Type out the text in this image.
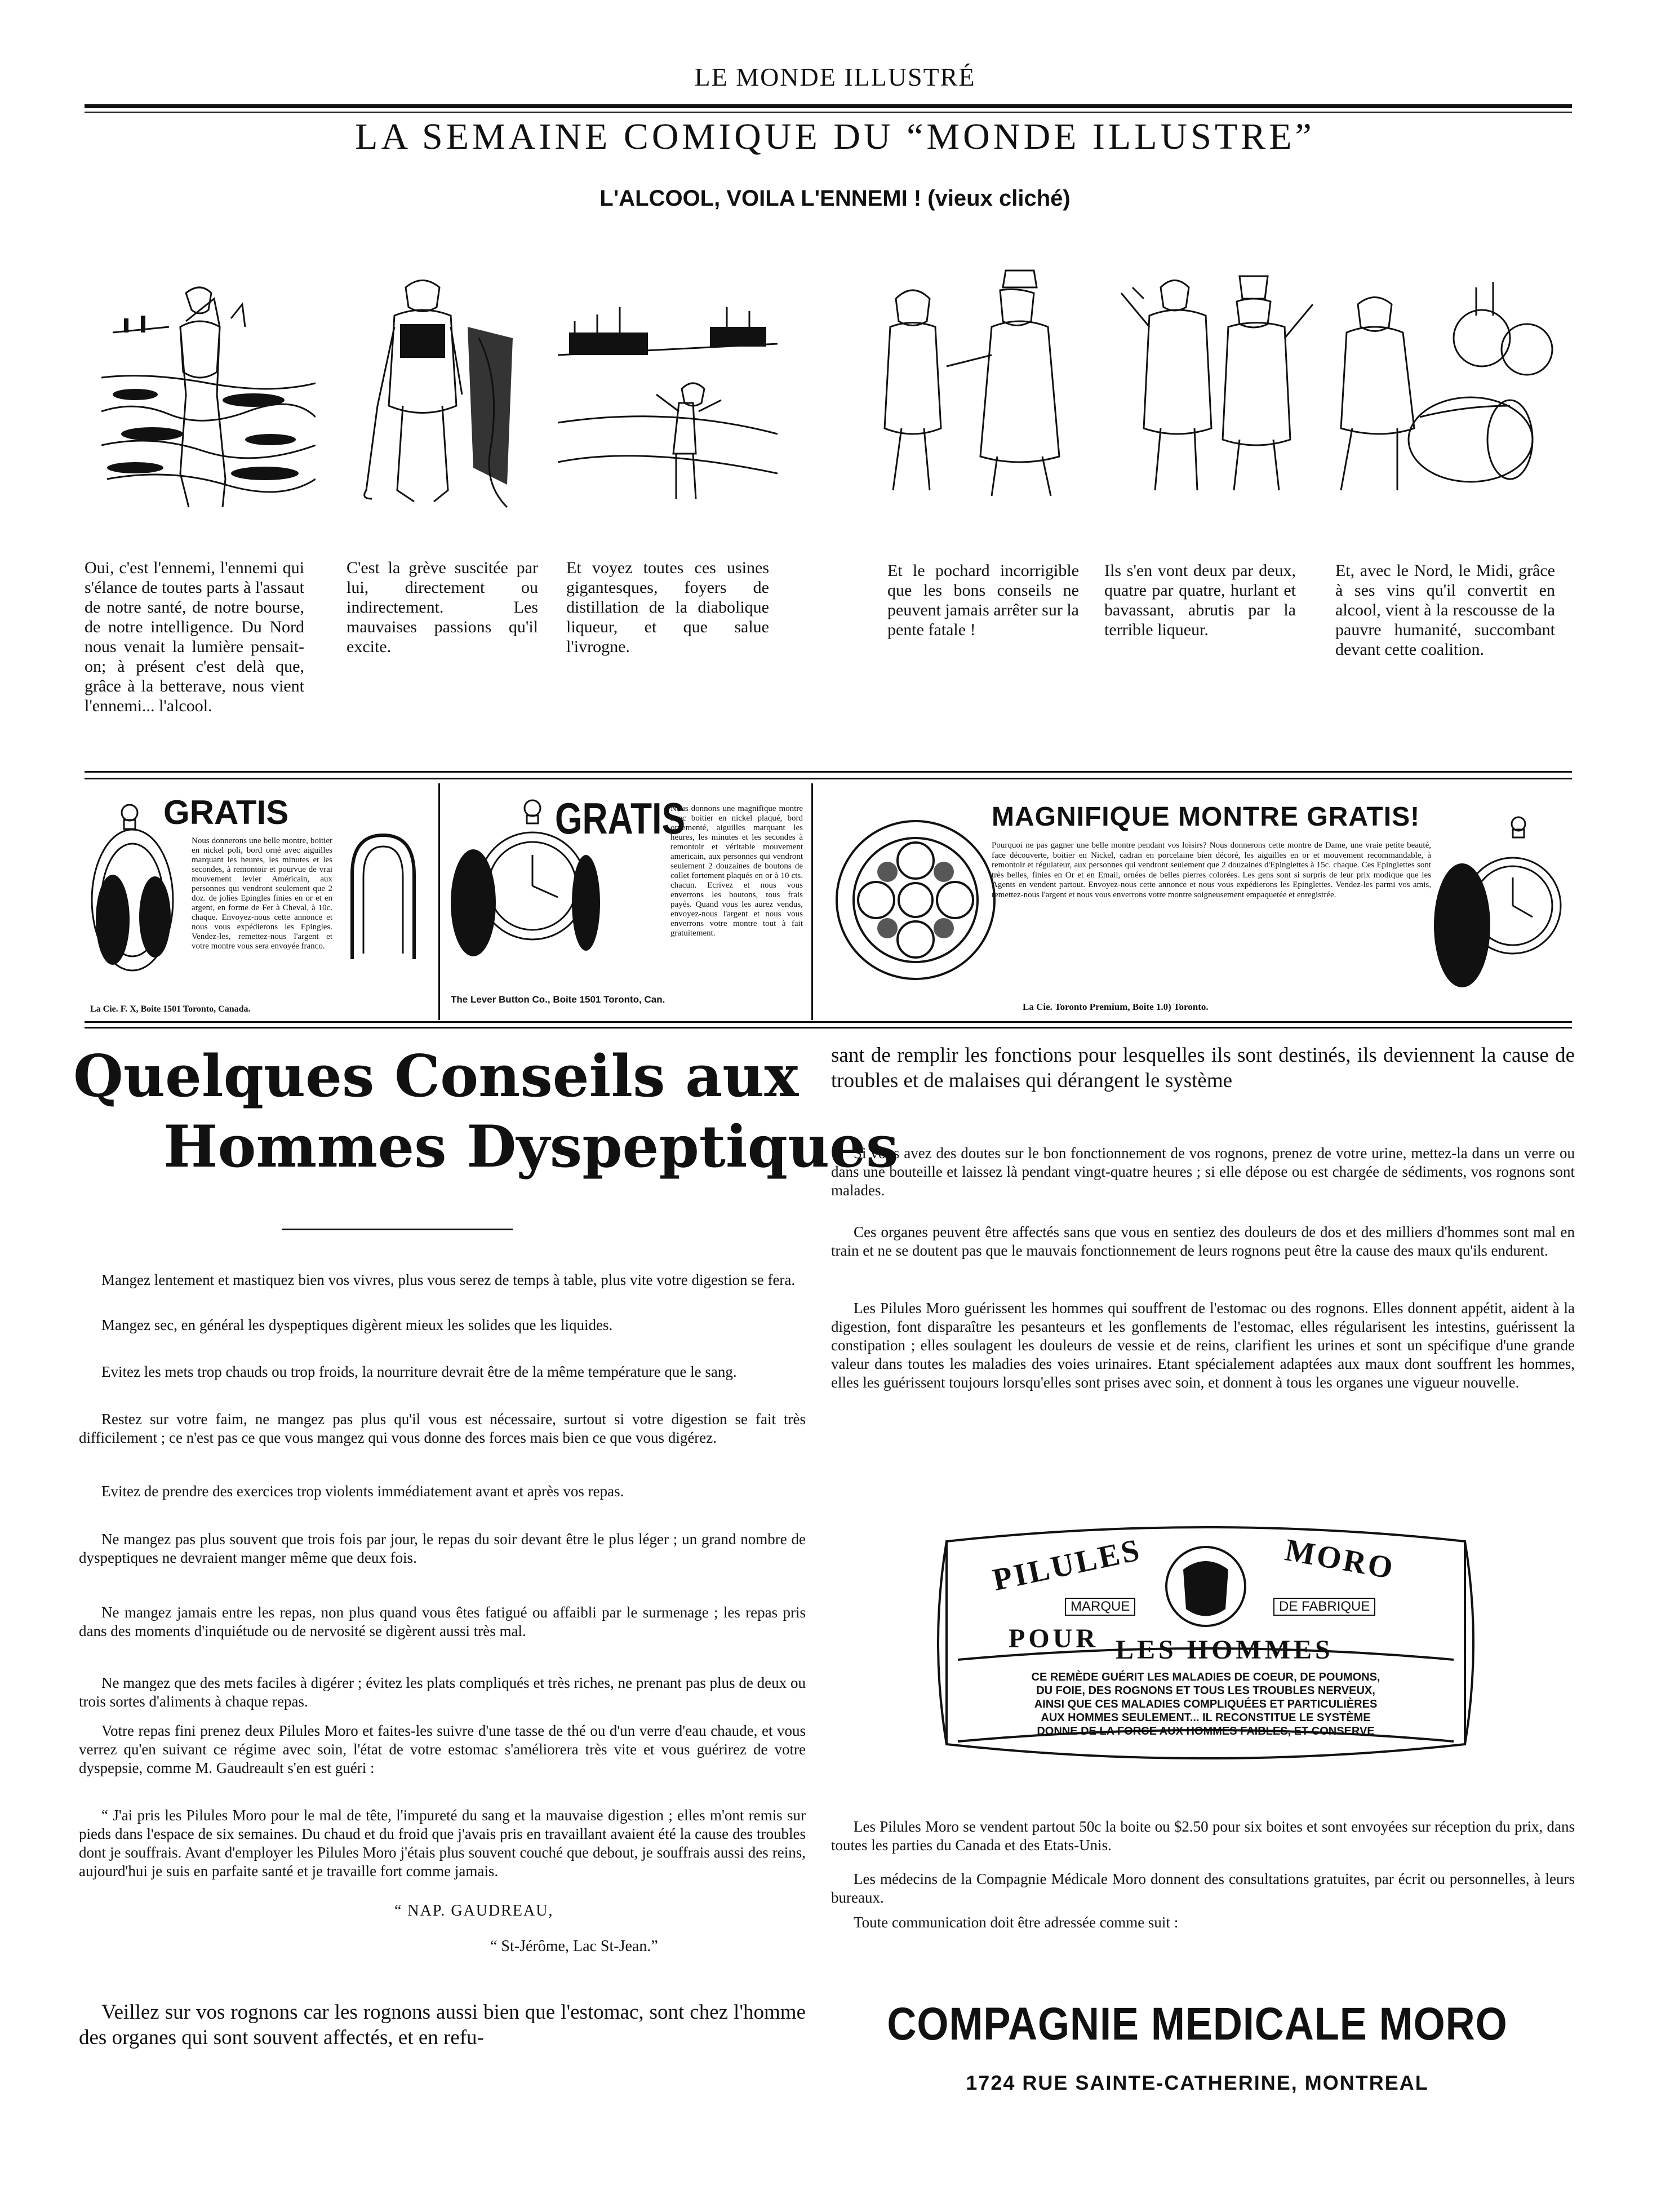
LE MONDE ILLUSTRÉ
LA SEMAINE COMIQUE DU “MONDE ILLUSTRE”
L'ALCOOL, VOILA L'ENNEMI ! (vieux cliché)
Oui, c'est l'ennemi, l'ennemi qui s'élance de toutes parts à l'assaut de notre santé, de notre bourse, de notre intelligence. Du Nord nous venait la lumière pensait-on; à présent c'est delà que, grâce à la betterave, nous vient l'ennemi... l'alcool.
C'est la grève suscitée par lui, directement ou indirectement. Les mauvaises passions qu'il excite.
Et voyez toutes ces usines gigantesques, foyers de distillation de la diabolique liqueur, et que salue l'ivrogne.
Et le pochard incorrigible que les bons conseils ne peuvent jamais arrêter sur la pente fatale !
Ils s'en vont deux par deux, quatre par quatre, hurlant et bavassant, abrutis par la terrible liqueur.
Et, avec le Nord, le Midi, grâce à ses vins qu'il convertit en alcool, vient à la rescousse de la pauvre humanité, succombant devant cette coalition.
GRATIS
Nous donnerons une belle montre, boitier en nickel poli, bord orné avec aiguilles marquant les heures, les minutes et les secondes, à remontoir et pourvue de vrai mouvement levier Américain, aux personnes qui vendront seulement que 2 doz. de jolies Epingles finies en or et en argent, en forme de Fer à Cheval, à 10c. chaque. Envoyez-nous cette annonce et nous vous expédierons les Epingles. Vendez-les, remettez-nous l'argent et votre montre vous sera envoyée franco.
La Cie. F. X, Boite 1501 Toronto, Canada.
GRATIS
Nous donnons une magnifique montre avec boitier en nickel plaqué, bord ornementé, aiguilles marquant les heures, les minutes et les secondes à remontoir et véritable mouvement americain, aux personnes qui vendront seulement 2 douzaines de boutons de collet fortement plaqués en or à 10 cts. chacun. Ecrivez et nous vous enverrons les boutons, tous frais payés. Quand vous les aurez vendus, envoyez-nous l'argent et nous vous enverrons votre montre tout à fait gratuitement.
The Lever Button Co., Boite 1501 Toronto, Can.
MAGNIFIQUE MONTRE GRATIS!
Pourquoi ne pas gagner une belle montre pendant vos loisirs? Nous donnerons cette montre de Dame, une vraie petite beauté, face découverte, boitier en Nickel, cadran en porcelaine bien décoré, les aiguilles en or et mouvement recommandable, à remontoir et régulateur, aux personnes qui vendront seulement que 2 douzaines d'Epinglettes à 15c. chaque. Ces Epinglettes sont très belles, finies en Or et en Email, ornées de belles pierres colorées. Les gens sont si surpris de leur prix modique que les Agents en vendent partout. Envoyez-nous cette annonce et nous vous expédierons les Epinglettes. Vendez-les parmi vos amis, remettez-nous l'argent et nous vous enverrons votre montre soigneusement empaquetée et enregistrée.
La Cie. Toronto Premium, Boite 1.0) Toronto.
Quelques Conseils aux
Hommes Dyspeptiques
Mangez lentement et mastiquez bien vos vivres, plus vous serez de temps à table, plus vite votre digestion se fera.
Mangez sec, en général les dyspeptiques digèrent mieux les solides que les liquides.
Evitez les mets trop chauds ou trop froids, la nourriture devrait être de la même température que le sang.
Restez sur votre faim, ne mangez pas plus qu'il vous est nécessaire, surtout si votre digestion se fait très difficilement ; ce n'est pas ce que vous mangez qui vous donne des forces mais bien ce que vous digérez.
Evitez de prendre des exercices trop violents immédiatement avant et après vos repas.
Ne mangez pas plus souvent que trois fois par jour, le repas du soir devant être le plus léger ; un grand nombre de dyspeptiques ne devraient manger même que deux fois.
Ne mangez jamais entre les repas, non plus quand vous êtes fatigué ou affaibli par le surmenage ; les repas pris dans des moments d'inquiétude ou de nervosité se digèrent aussi très mal.
Ne mangez que des mets faciles à digérer ; évitez les plats compliqués et très riches, ne prenant pas plus de deux ou trois sortes d'aliments à chaque repas.
Votre repas fini prenez deux Pilules Moro et faites-les suivre d'une tasse de thé ou d'un verre d'eau chaude, et vous verrez qu'en suivant ce régime avec soin, l'état de votre estomac s'améliorera très vite et vous guérirez de votre dyspepsie, comme M. Gaudreault s'en est guéri :
“ J'ai pris les Pilules Moro pour le mal de tête, l'impureté du sang et la mauvaise digestion ; elles m'ont remis sur pieds dans l'espace de six semaines. Du chaud et du froid que j'avais pris en travaillant avaient été la cause des troubles dont je souffrais. Avant d'employer les Pilules Moro j'étais plus souvent couché que debout, je souffrais aussi des reins, aujourd'hui je suis en parfaite santé et je travaille fort comme jamais.
“ NAP. GAUDREAU,
“ St-Jérôme, Lac St-Jean.”
Veillez sur vos rognons car les rognons aussi bien que l'estomac, sont chez l'homme des organes qui sont souvent affectés, et en refu-
sant de remplir les fonctions pour lesquelles ils sont destinés, ils deviennent la cause de troubles et de malaises qui dérangent le système
Si vous avez des doutes sur le bon fonctionnement de vos rognons, prenez de votre urine, mettez-la dans un verre ou dans une bouteille et laissez là pendant vingt-quatre heures ; si elle dépose ou est chargée de sédiments, vos rognons sont malades.
Ces organes peuvent être affectés sans que vous en sentiez des douleurs de dos et des milliers d'hommes sont mal en train et ne se doutent pas que le mauvais fonctionnement de leurs rognons peut être la cause des maux qu'ils endurent.
Les Pilules Moro guérissent les hommes qui souffrent de l'estomac ou des rognons. Elles donnent appétit, aident à la digestion, font disparaître les pesanteurs et les gonflements de l'estomac, elles régularisent les intestins, guérissent la constipation ; elles soulagent les douleurs de vessie et de reins, clarifient les urines et sont un spécifique d'une grande valeur dans toutes les maladies des voies urinaires. Etant spécialement adaptées aux maux dont souffrent les hommes, elles les guérissent toujours lorsqu'elles sont prises avec soin, et donnent à tous les organes une vigueur nouvelle.
PILULES	MORO
MARQUE	DE FABRIQUE
POUR LES HOMMES
CE REMÈDE GUÉRIT LES MALADIES DE COEUR, DE POUMONS,
DU FOIE, DES ROGNONS ET TOUS LES TROUBLES NERVEUX,
AINSI QUE CES MALADIES COMPLIQUÉES ET PARTICULIÈRES
AUX HOMMES SEULEMENT... IL RECONSTITUE LE SYSTÈME
DONNE DE LA FORCE AUX HOMMES FAIBLES, ET CONSERVE
Les Pilules Moro se vendent partout 50c la boite ou $2.50 pour six boites et sont envoyées sur réception du prix, dans toutes les parties du Canada et des Etats-Unis.
Les médecins de la Compagnie Médicale Moro donnent des consultations gratuites, par écrit ou personnelles, à leurs bureaux.
Toute communication doit être adressée comme suit :
COMPAGNIE MEDICALE MORO
1724 RUE SAINTE-CATHERINE, MONTREAL
